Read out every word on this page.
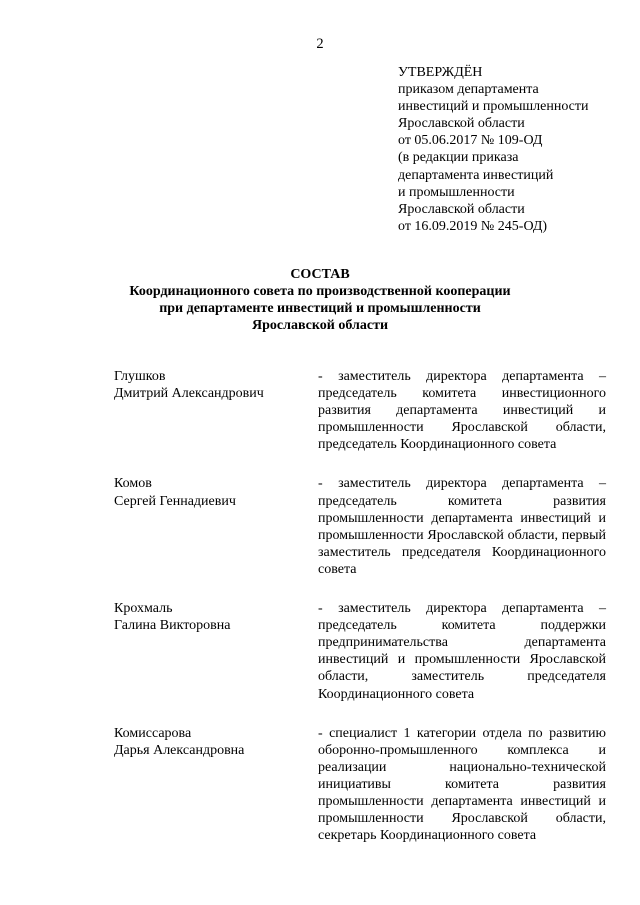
2
УТВЕРЖДЁН
приказом департамента
инвестиций и промышленности
Ярославской области
от 05.06.2017 № 109-ОД
(в редакции приказа
департамента инвестиций
и промышленности
Ярославской области
от 16.09.2019 № 245-ОД)
СОСТАВ
Координационного совета по производственной кооперации
при департаменте инвестиций и промышленности
Ярославской области
Глушков
Дмитрий Александрович
- заместитель директора департамента – председатель комитета инвестиционного развития департамента инвестиций и промышленности Ярославской области, председатель Координационного совета
Комов
Сергей Геннадиевич
- заместитель директора департамента – председатель комитета развития промышленности департамента инвестиций и промышленности Ярославской области, первый заместитель председателя Координационного совета
Крохмаль
Галина Викторовна
- заместитель директора департамента – председатель комитета поддержки предпринимательства департамента инвестиций и промышленности Ярославской области, заместитель председателя Координационного совета
Комиссарова
Дарья Александровна
- специалист 1 категории отдела по развитию оборонно-промышленного комплекса и реализации национально-технической инициативы комитета развития промышленности департамента инвестиций и промышленности Ярославской области, секретарь Координационного совета
